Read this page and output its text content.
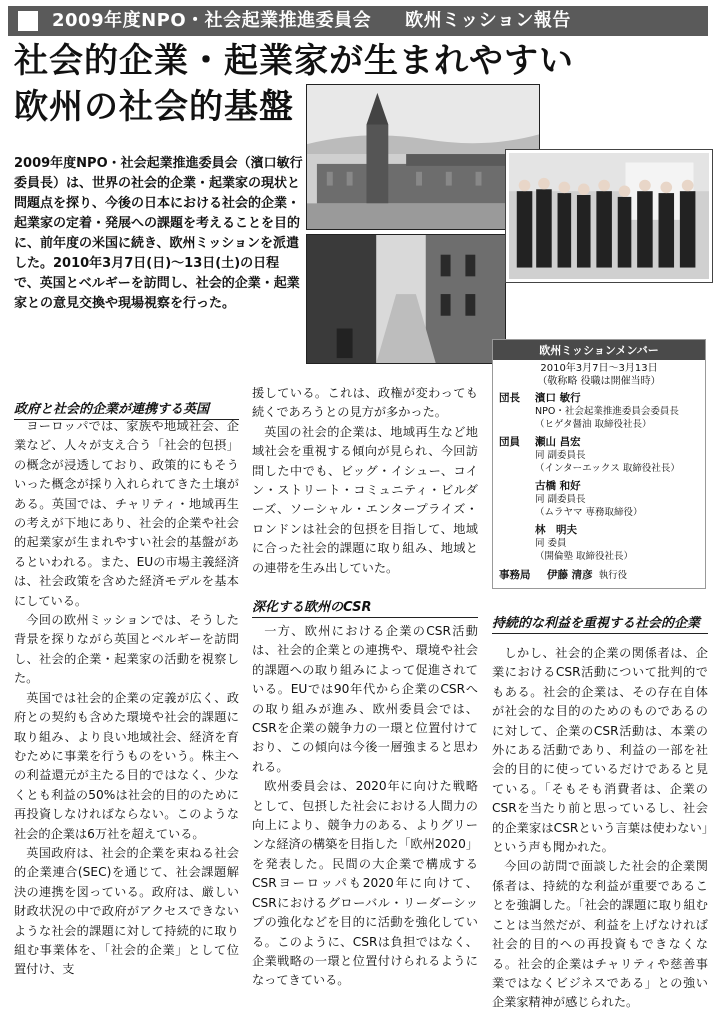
2009年度NPO・社会起業推進委員会 欧州ミッション報告
社会的企業・起業家が生まれやすい
欧州の社会的基盤
2009年度NPO・社会起業推進委員会（濱口敏行委員長）は、世界の社会的企業・起業家の現状と問題点を探り、今後の日本における社会的企業・起業家の定着・発展への課題を考えることを目的に、前年度の米国に続き、欧州ミッションを派遣した。2010年3月7日(日)～13日(土)の日程で、英国とベルギーを訪問し、社会的企業・起業家との意見交換や現場視察を行った。
欧州ミッションメンバー
2010年3月7日～3月13日
（敬称略 役職は開催当時）
団長	濱口 敏行
NPO・社会起業推進委員会委員長
（ヒゲタ醤油 取締役社長）
団員	瀬山 昌宏
同 副委員長
（インターエックス 取締役社長）
古橋 和好
同 副委員長
（ムラヤマ 専務取締役）
林　明夫
同 委員
（開倫塾 取締役社長）
事務局	伊藤 清彦 執行役
政府と社会的企業が連携する英国
深化する欧州のCSR
持続的な利益を重視する社会的企業

ヨーロッパでは、家族や地域社会、企業など、人々が支え合う「社会的包摂」の概念が浸透しており、政策的にもそういった概念が採り入れられてきた土壌がある。英国では、チャリティ・地域再生の考えが下地にあり、社会的企業や社会的起業家が生まれやすい社会的基盤があるといわれる。また、EUの市場主義経済は、社会政策を含めた経済モデルを基本にしている。

今回の欧州ミッションでは、そうした背景を探りながら英国とベルギーを訪問し、社会的企業・起業家の活動を視察した。

英国では社会的企業の定義が広く、政府との契約も含めた環境や社会的課題に取り組み、より良い地域社会、経済を育むために事業を行うものをいう。株主への利益還元が主たる目的ではなく、少なくとも利益の50%は社会的目的のために再投資しなければならない。このような社会的企業は6万社を超えている。

英国政府は、社会的企業を束ねる社会的企業連合(SEC)を通じて、社会課題解決の連携を図っている。政府は、厳しい財政状況の中で政府がアクセスできないような社会的課題に対して持続的に取り組む事業体を、「社会的企業」として位置付け、支

援している。これは、政権が変わっても続くであろうとの見方が多かった。

英国の社会的企業は、地域再生など地域社会を重視する傾向が見られ、今回訪問した中でも、ビッグ・イシュー、コイン・ストリート・コミュニティ・ビルダーズ、ソーシャル・エンタープライズ・ロンドンは社会的包摂を目指して、地域に合った社会的課題に取り組み、地域との連帯を生み出していた。

一方、欧州における企業のCSR活動は、社会的企業との連携や、環境や社会的課題への取り組みによって促進されている。EUでは90年代から企業のCSRへの取り組みが進み、欧州委員会では、CSRを企業の競争力の一環と位置付けており、この傾向は今後一層強まると思われる。

欧州委員会は、2020年に向けた戦略として、包摂した社会における人間力の向上により、競争力のある、よりグリーンな経済の構築を目指した「欧州2020」を発表した。民間の大企業で構成するCSRヨーロッパも2020年に向けて、CSRにおけるグローバル・リーダーシップの強化などを目的に活動を強化している。このように、CSRは負担ではなく、企業戦略の一環と位置付けられるようになってきている。

しかし、社会的企業の関係者は、企業におけるCSR活動について批判的でもある。社会的企業は、その存在自体が社会的な目的のためのものであるのに対して、企業のCSR活動は、本業の外にある活動であり、利益の一部を社会的目的に使っているだけであると見ている。「そもそも消費者は、企業のCSRを当たり前と思っているし、社会的企業家はCSRという言葉は使わない」という声も聞かれた。

今回の訪問で面談した社会的企業関係者は、持続的な利益が重要であることを強調した。「社会的課題に取り組むことは当然だが、利益を上げなければ社会的目的への再投資もできなくなる。社会的企業はチャリティや慈善事業ではなくビジネスである」との強い企業家精神が感じられた。
